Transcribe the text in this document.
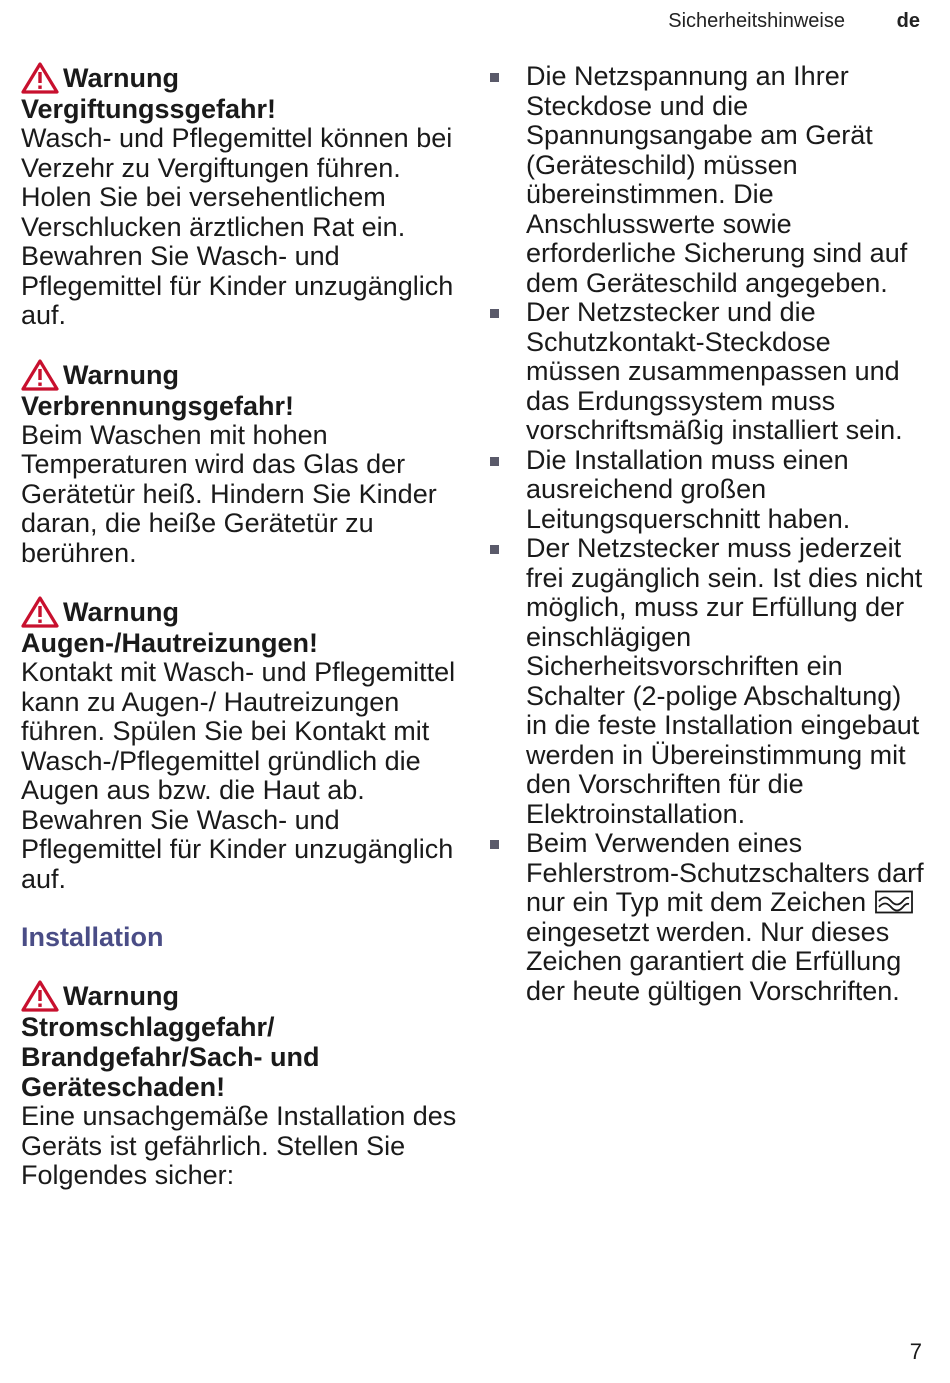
Sicherheitshinweise	de
Warnung
Vergiftungssgefahr!
Wasch- und Pflegemittel können bei Verzehr zu Vergiftungen führen. Holen Sie bei versehentlichem Verschlucken ärztlichen Rat ein. Bewahren Sie Wasch- und Pflegemittel für Kinder unzugänglich auf.
Warnung
Verbrennungsgefahr!
Beim Waschen mit hohen Temperaturen wird das Glas der Gerätetür heiß. Hindern Sie Kinder daran, die heiße Gerätetür zu berühren.
Warnung
Augen-/Hautreizungen!
Kontakt mit Wasch- und Pflegemittel kann zu Augen-/ Hautreizungen führen. Spülen Sie bei Kontakt mit Wasch-/Pflegemittel gründlich die Augen aus bzw. die Haut ab. Bewahren Sie Wasch- und Pflegemittel für Kinder unzugänglich auf.
Installation
Warnung
Stromschlaggefahr/ Brandgefahr/Sach- und Geräteschaden!
Eine unsachgemäße Installation des Geräts ist gefährlich. Stellen Sie Folgendes sicher:
Die Netzspannung an Ihrer Steckdose und die Spannungsangabe am Gerät (Geräteschild) müssen übereinstimmen. Die Anschlusswerte sowie erforderliche Sicherung sind auf dem Geräteschild angegeben.
Der Netzstecker und die Schutzkontakt-Steckdose müssen zusammenpassen und das Erdungssystem muss vorschriftsmäßig installiert sein.
Die Installation muss einen ausreichend großen Leitungsquerschnitt haben.
Der Netzstecker muss jederzeit frei zugänglich sein. Ist dies nicht möglich, muss zur Erfüllung der einschlägigen Sicherheitsvorschriften ein Schalter (2-polige Abschaltung) in die feste Installation eingebaut werden in Übereinstimmung mit den Vorschriften für die Elektroinstallation.
Beim Verwenden eines Fehlerstrom-Schutzschalters darf nur ein Typ mit dem Zeichen  eingesetzt werden. Nur dieses Zeichen garantiert die Erfüllung der heute gültigen Vorschriften.
7
